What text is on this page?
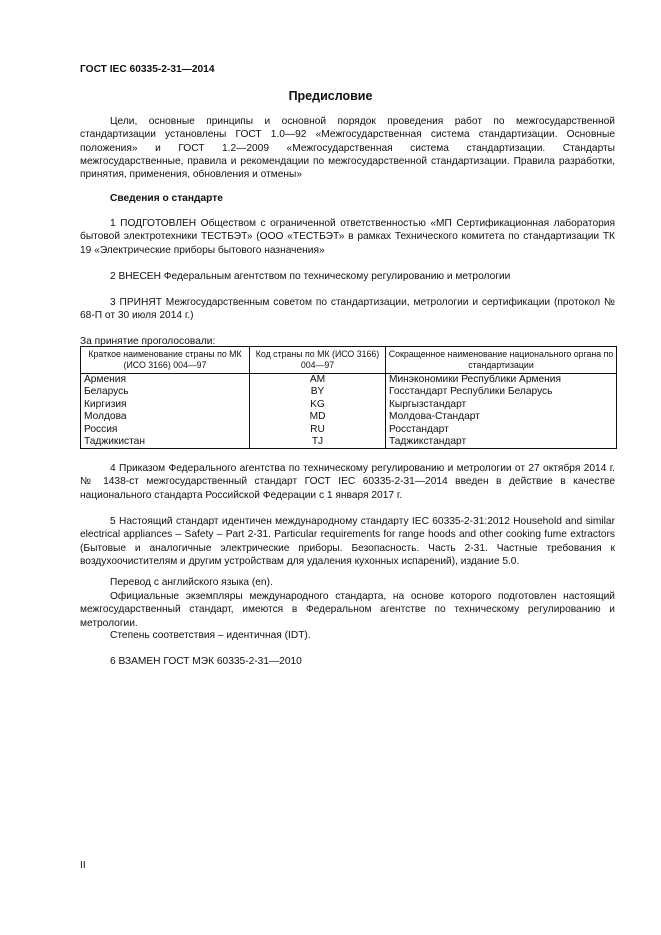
ГОСТ IEC 60335-2-31—2014
Предисловие
Цели, основные принципы и основной порядок проведения работ по межгосударственной стандартизации установлены ГОСТ 1.0—92 «Межгосударственная система стандартизации. Основные положения» и ГОСТ 1.2—2009 «Межгосударственная система стандартизации. Стандарты межгосударственные, правила и рекомендации по межгосударственной стандартизации. Правила разработки, принятия, применения, обновления и отмены»
Сведения о стандарте
1 ПОДГОТОВЛЕН Обществом с ограниченной ответственностью «МП Сертификационная лаборатория бытовой электротехники ТЕСТБЭТ» (ООО «ТЕСТБЭТ» в рамках Технического комитета по стандартизации ТК 19 «Электрические приборы бытового назначения»
2 ВНЕСЕН Федеральным агентством по техническому регулированию и метрологии
3 ПРИНЯТ Межгосударственным советом по стандартизации, метрологии и сертификации (протокол № 68-П от 30 июля 2014 г.)
За принятие проголосовали:
Краткое наименование страны по МК (ИСО 3166) 004—97	Код страны по МК (ИСО 3166) 004—97	Сокращенное наименование национального органа по стандартизации
Армения	AM	Минэкономики Республики Армения
Беларусь	BY	Госстандарт Республики Беларусь
Киргизия	KG	Кыргызстандарт
Молдова	MD	Молдова-Стандарт
Россия	RU	Росстандарт
Таджикистан	TJ	Таджикстандарт
4 Приказом Федерального агентства по техническому регулированию и метрологии от 27 октября 2014 г. № 1438-ст межгосударственный стандарт ГОСТ IEC 60335-2-31—2014 введен в действие в качестве национального стандарта Российской Федерации с 1 января 2017 г.
5 Настоящий стандарт идентичен международному стандарту IEC 60335-2-31:2012 Household and similar electrical appliances – Safety – Part 2-31. Particular requirements for range hoods and other cooking fume extractors (Бытовые и аналогичные электрические приборы. Безопасность. Часть 2-31. Частные требования к воздухоочистителям и другим устройствам для удаления кухонных испарений), издание 5.0.
Перевод с английского языка (en).
Официальные экземпляры международного стандарта, на основе которого подготовлен настоящий межгосударственный стандарт, имеются в Федеральном агентстве по техническому регулированию и метрологии.
Степень соответствия – идентичная (IDT).
6 ВЗАМЕН ГОСТ МЭК 60335-2-31—2010
II
